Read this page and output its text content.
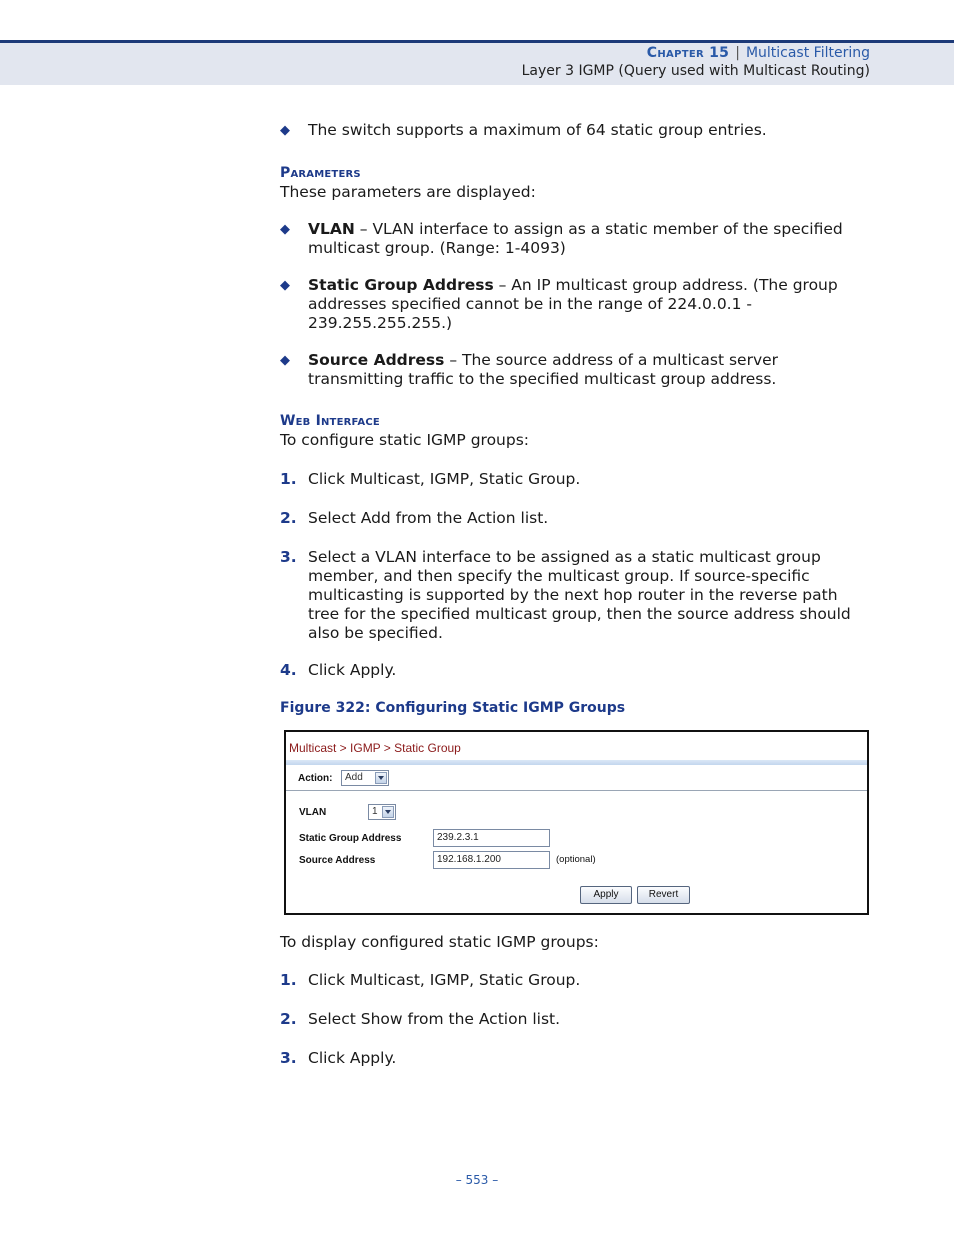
Chapter 15 | Multicast Filtering
Layer 3 IGMP (Query used with Multicast Routing)
◆ The switch supports a maximum of 64 static group entries.
Parameters
These parameters are displayed:
◆ VLAN – VLAN interface to assign as a static member of the specified multicast group. (Range: 1-4093)
◆ Static Group Address – An IP multicast group address. (The group addresses specified cannot be in the range of 224.0.0.1 - 239.255.255.255.)
◆ Source Address – The source address of a multicast server transmitting traffic to the specified multicast group address.
Web Interface
To configure static IGMP groups:
1. Click Multicast, IGMP, Static Group.
2. Select Add from the Action list.
3. Select a VLAN interface to be assigned as a static multicast group member, and then specify the multicast group. If source-specific multicasting is supported by the next hop router in the reverse path tree for the specified multicast group, then the source address should also be specified.
4. Click Apply.
Figure 322: Configuring Static IGMP Groups
Multicast > IGMP > Static Group
Action:	Add
VLAN	1
Static Group Address	239.2.3.1
Source Address	192.168.1.200	(optional)
Apply	Revert
To display configured static IGMP groups:
1. Click Multicast, IGMP, Static Group.
2. Select Show from the Action list.
3. Click Apply.
– 553 –
